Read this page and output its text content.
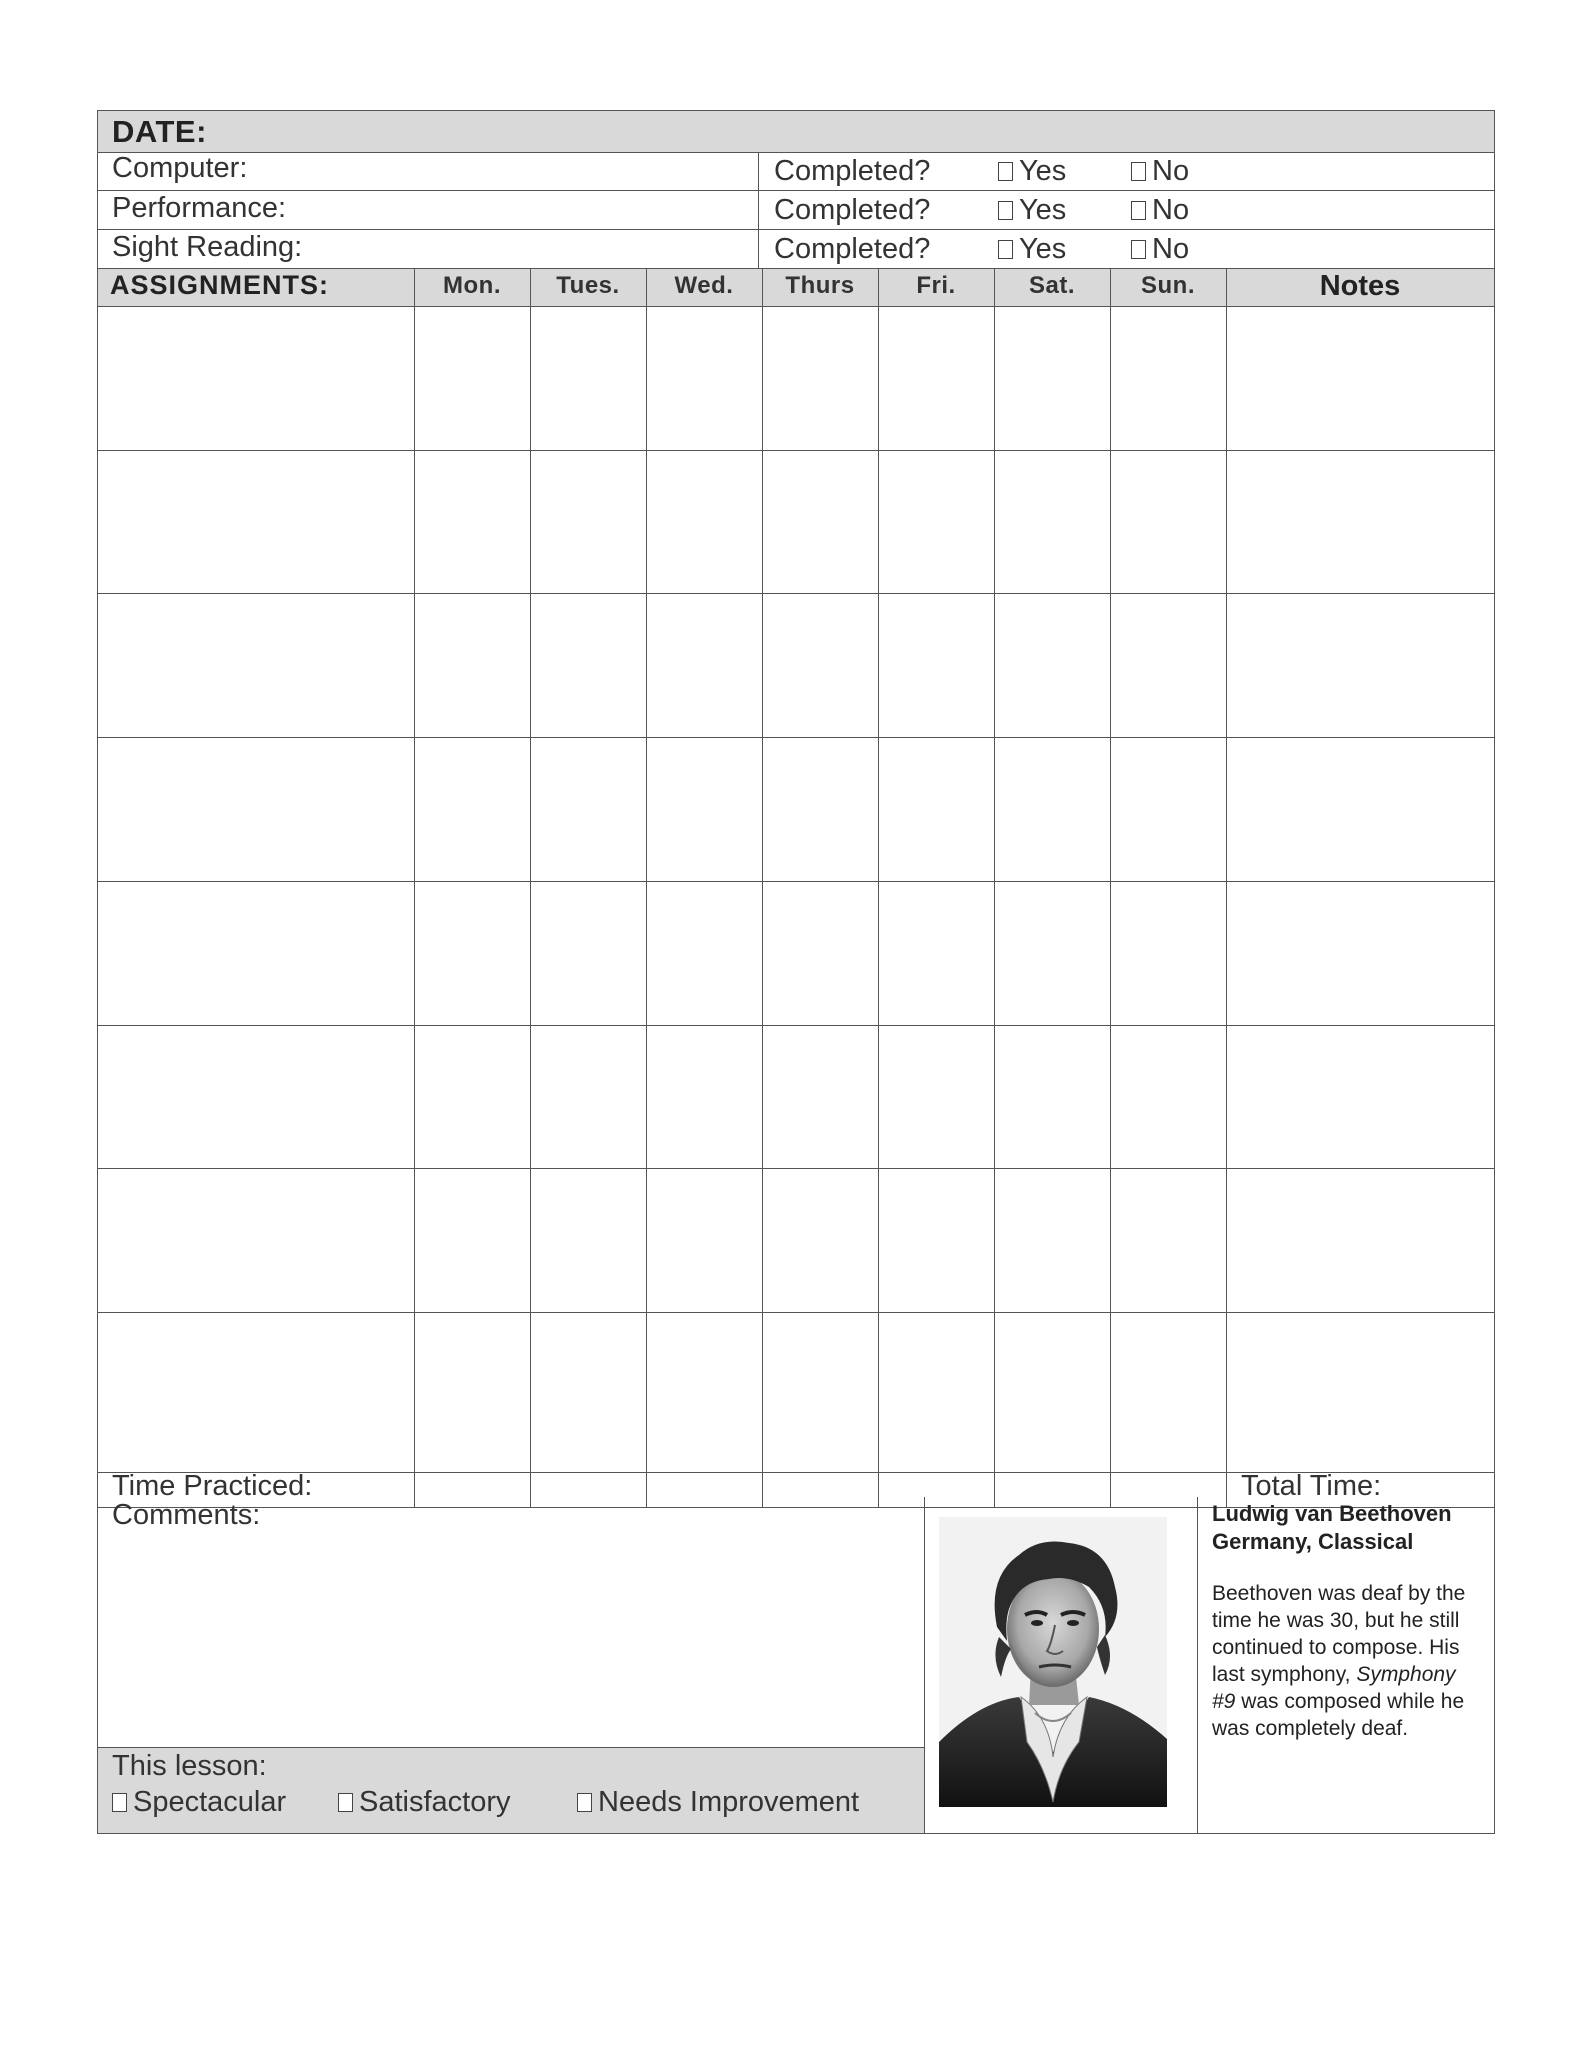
DATE:
Computer:	Completed?	Yes	No
Performance:	Completed?	Yes	No
Sight Reading:	Completed?	Yes	No
ASSIGNMENTS:	Mon.	Tues.	Wed.	Thurs	Fri.	Sat.	Sun.	Notes
Time Practiced:	Total Time:
Comments:
This lesson:
Spectacular	Satisfactory	Needs Improvement
Ludwig van Beethoven
Germany, Classical
Beethoven was deaf by the time he was 30, but he still continued to compose. His last symphony, Symphony #9 was composed while he was completely deaf.
